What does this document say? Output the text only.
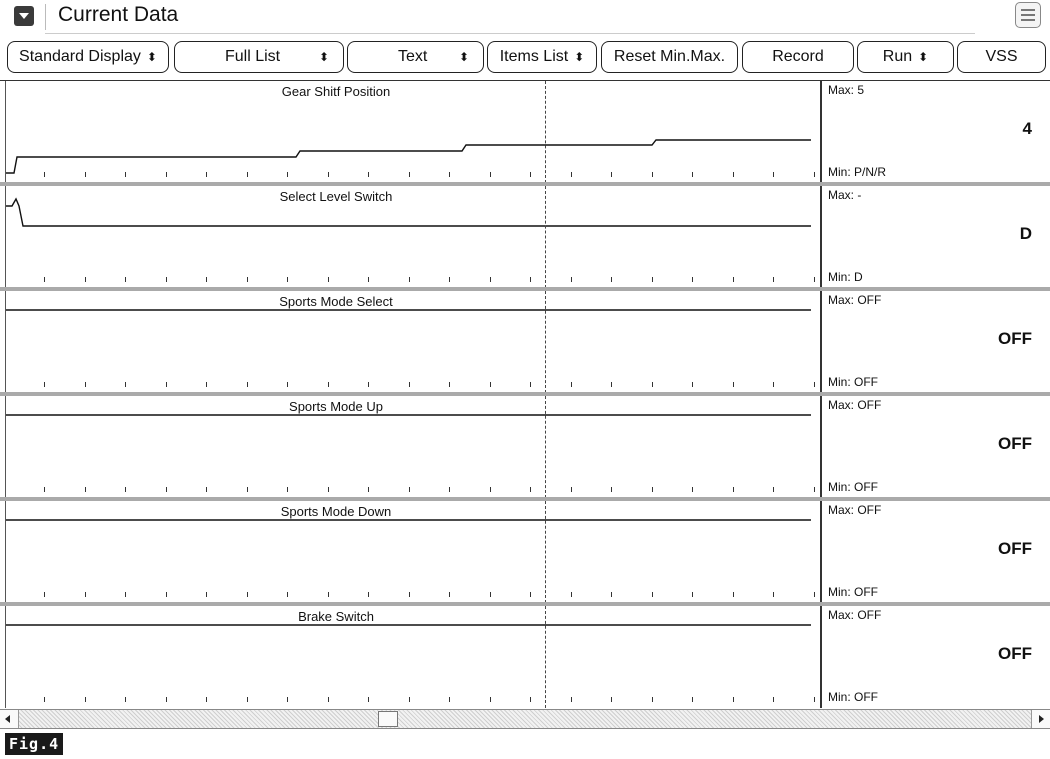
Current Data
Standard Display ⬍	Full List	⬍	Text	⬍ Items List ⬍ Reset Min.Max.	Record	Run ⬍	VSS
Gear Shitf Position	Max: 5
4
Min: P/N/R
Select Level Switch	Max: -
D
Min: D
Sports Mode Select	Max: OFF
OFF
Min: OFF
Sports Mode Up	Max: OFF
OFF
Min: OFF
Sports Mode Down	Max: OFF
OFF
Min: OFF
Brake Switch	Max: OFF
OFF
Min: OFF
Fig.4
